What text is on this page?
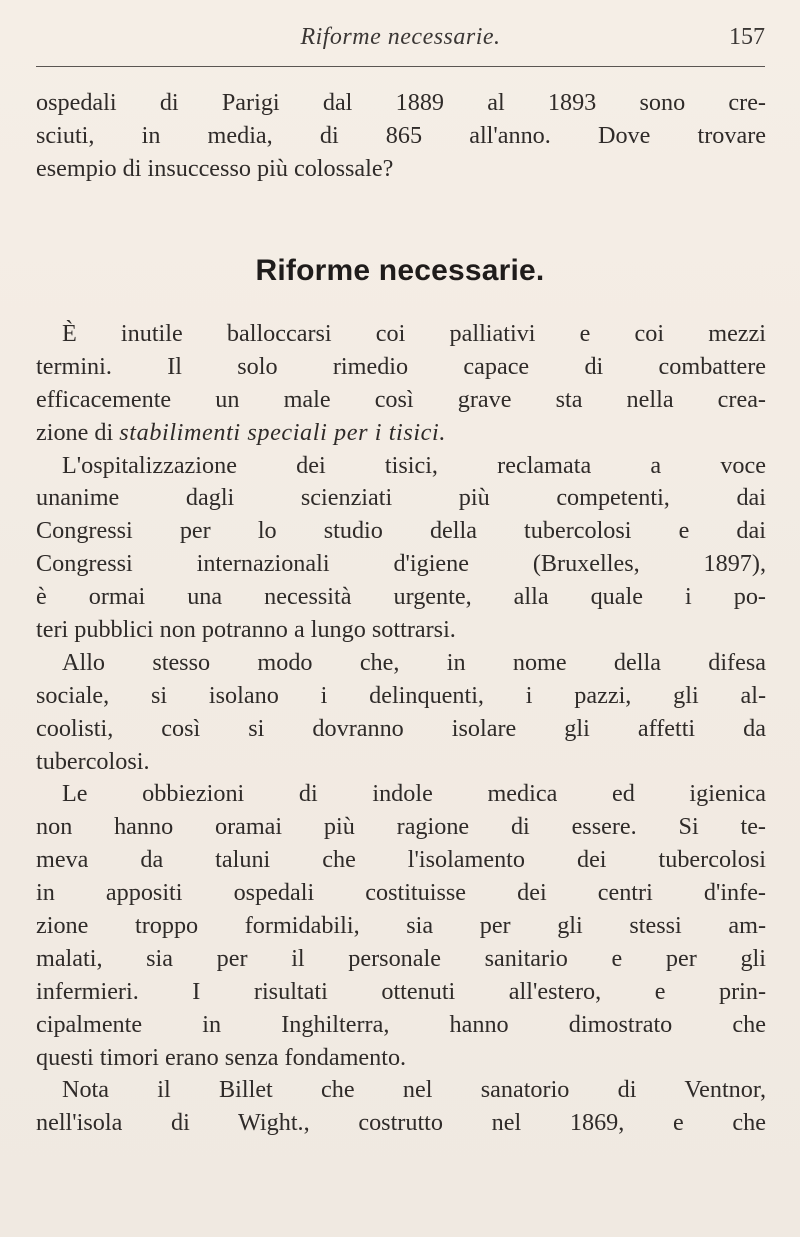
Riforme necessarie.	157
ospedali di Parigi dal 1889 al 1893 sono cre-
sciuti, in media, di 865 all'anno. Dove trovare
esempio di insuccesso più colossale?
Riforme necessarie.
È inutile balloccarsi coi palliativi e coi mezzi
termini. Il solo rimedio capace di combattere
efficacemente un male così grave sta nella crea-
zione di stabilimenti speciali per i tisici.
L'ospitalizzazione dei tisici, reclamata a voce
unanime dagli scienziati più competenti, dai
Congressi per lo studio della tubercolosi e dai
Congressi internazionali d'igiene (Bruxelles, 1897),
è ormai una necessità urgente, alla quale i po-
teri pubblici non potranno a lungo sottrarsi.
Allo stesso modo che, in nome della difesa
sociale, si isolano i delinquenti, i pazzi, gli al-
coolisti, così si dovranno isolare gli affetti da
tubercolosi.
Le obbiezioni di indole medica ed igienica
non hanno oramai più ragione di essere. Si te-
meva da taluni che l'isolamento dei tubercolosi
in appositi ospedali costituisse dei centri d'infe-
zione troppo formidabili, sia per gli stessi am-
malati, sia per il personale sanitario e per gli
infermieri. I risultati ottenuti all'estero, e prin-
cipalmente in Inghilterra, hanno dimostrato che
questi timori erano senza fondamento.
Nota il Billet che nel sanatorio di Ventnor,
nell'isola di Wight., costrutto nel 1869, e che
